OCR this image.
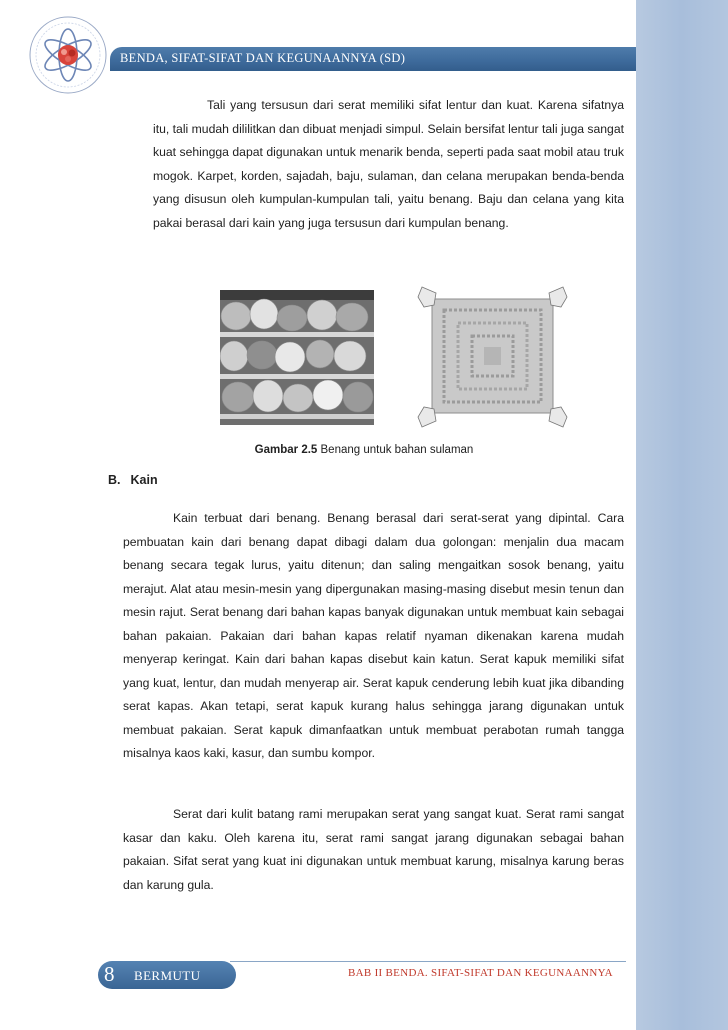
BENDA, SIFAT-SIFAT DAN KEGUNAANNYA (SD)

Tali yang tersusun dari serat memiliki sifat lentur dan kuat. Karena sifatnya itu, tali mudah dililitkan dan dibuat menjadi simpul. Selain bersifat lentur tali juga sangat kuat sehingga dapat digunakan untuk menarik benda, seperti pada saat mobil atau truk mogok. Karpet, korden, sajadah, baju, sulaman, dan celana merupakan benda-benda yang disusun oleh kumpulan-kumpulan tali, yaitu benang. Baju dan celana yang kita pakai berasal dari kain yang juga tersusun dari kumpulan benang.

Gambar 2.5 Benang untuk bahan sulaman
B. Kain

Kain terbuat dari benang. Benang berasal dari serat-serat yang dipintal. Cara pembuatan kain dari benang dapat dibagi dalam dua golongan: menjalin dua macam benang secara tegak lurus, yaitu ditenun; dan saling mengaitkan sosok benang, yaitu merajut. Alat atau mesin-mesin yang dipergunakan masing-masing disebut mesin tenun dan mesin rajut. Serat benang dari bahan kapas banyak digunakan untuk membuat kain sebagai bahan pakaian. Pakaian dari bahan kapas relatif nyaman dikenakan karena mudah menyerap keringat. Kain dari bahan kapas disebut kain katun. Serat kapuk memiliki sifat yang kuat, lentur, dan mudah menyerap air. Serat kapuk cenderung lebih kuat jika dibanding serat kapas. Akan tetapi, serat kapuk kurang halus sehingga jarang digunakan untuk membuat pakaian. Serat kapuk dimanfaatkan untuk membuat perabotan rumah tangga misalnya kaos kaki, kasur, dan sumbu kompor.

Serat dari kulit batang rami merupakan serat yang sangat kuat. Serat rami sangat kasar dan kaku. Oleh karena itu, serat rami sangat jarang digunakan sebagai bahan pakaian. Sifat serat yang kuat ini digunakan untuk membuat karung, misalnya karung beras dan karung gula.

8 BERMUTU	BAB II BENDA. SIFAT-SIFAT DAN KEGUNAANNYA
